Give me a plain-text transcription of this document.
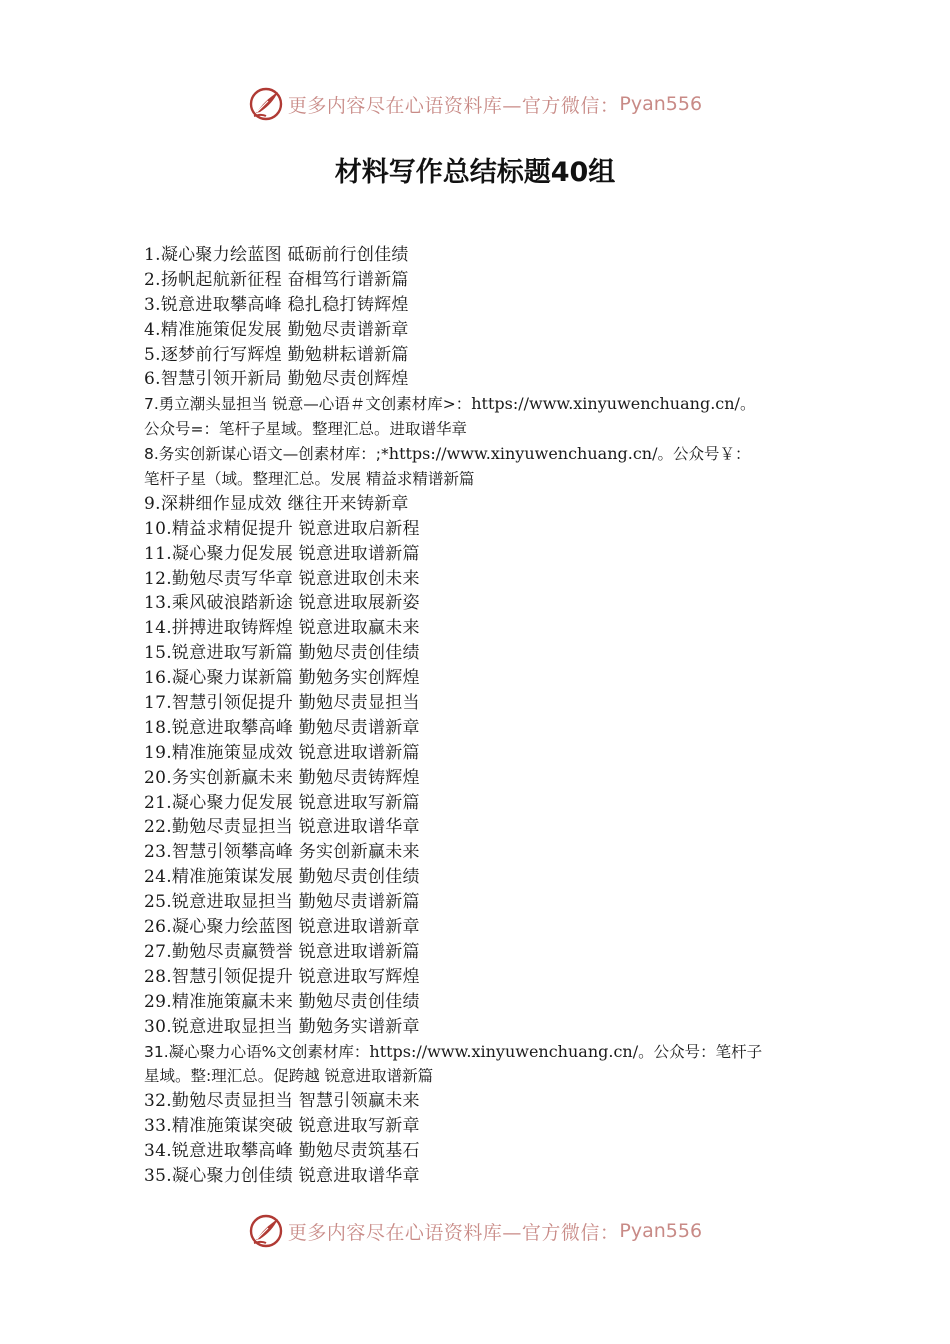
更多内容尽在心语资料库—官方微信： Pyan556
材料写作总结标题40组
1.凝心聚力绘蓝图 砥砺前行创佳绩
2.扬帆起航新征程 奋楫笃行谱新篇
3.锐意进取攀高峰 稳扎稳打铸辉煌
4.精准施策促发展 勤勉尽责谱新章
5.逐梦前行写辉煌 勤勉耕耘谱新篇
6.智慧引领开新局 勤勉尽责创辉煌
7.勇立潮头显担当 锐意—心语＃文创素材库>：https://www.xinyuwenchuang.cn/。
公众号=：笔杆子星域。整理汇总。进取谱华章
8.务实创新谋心语文—创素材库：;*https://www.xinyuwenchuang.cn/。公众号￥：
笔杆子星（域。整理汇总。发展 精益求精谱新篇
9.深耕细作显成效 继往开来铸新章
10.精益求精促提升 锐意进取启新程
11.凝心聚力促发展 锐意进取谱新篇
12.勤勉尽责写华章 锐意进取创未来
13.乘风破浪踏新途 锐意进取展新姿
14.拼搏进取铸辉煌 锐意进取赢未来
15.锐意进取写新篇 勤勉尽责创佳绩
16.凝心聚力谋新篇 勤勉务实创辉煌
17.智慧引领促提升 勤勉尽责显担当
18.锐意进取攀高峰 勤勉尽责谱新章
19.精准施策显成效 锐意进取谱新篇
20.务实创新赢未来 勤勉尽责铸辉煌
21.凝心聚力促发展 锐意进取写新篇
22.勤勉尽责显担当 锐意进取谱华章
23.智慧引领攀高峰 务实创新赢未来
24.精准施策谋发展 勤勉尽责创佳绩
25.锐意进取显担当 勤勉尽责谱新篇
26.凝心聚力绘蓝图 锐意进取谱新章
27.勤勉尽责赢赞誉 锐意进取谱新篇
28.智慧引领促提升 锐意进取写辉煌
29.精准施策赢未来 勤勉尽责创佳绩
30.锐意进取显担当 勤勉务实谱新章
31.凝心聚力心语%文创素材库：https://www.xinyuwenchuang.cn/。公众号：笔杆子
星域。整:理汇总。促跨越 锐意进取谱新篇
32.勤勉尽责显担当 智慧引领赢未来
33.精准施策谋突破 锐意进取写新章
34.锐意进取攀高峰 勤勉尽责筑基石
35.凝心聚力创佳绩 锐意进取谱华章
更多内容尽在心语资料库—官方微信： Pyan556
